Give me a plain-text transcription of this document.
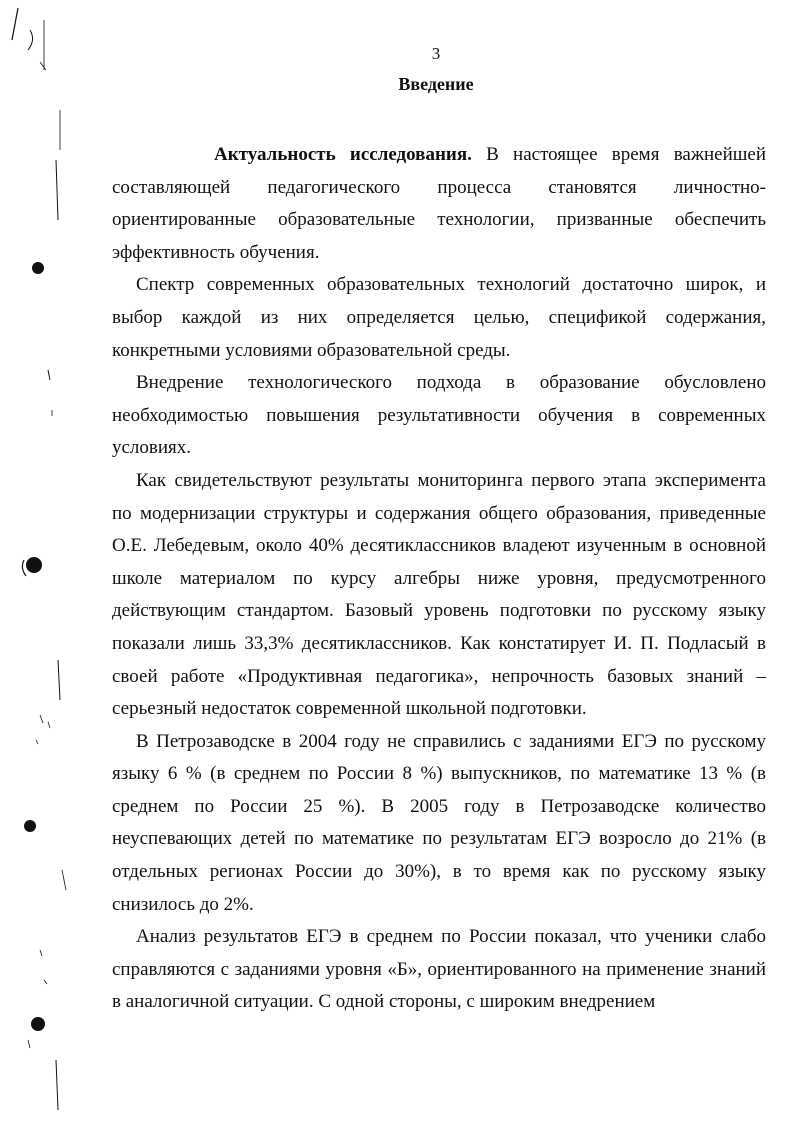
3
Введение

Актуальность исследования. В настоящее время важнейшей составляющей педагогического процесса становятся личностно-ориентированные образовательные технологии, призванные обеспечить эффективность обучения.

Спектр современных образовательных технологий достаточно широк, и выбор каждой из них определяется целью, спецификой содержания, конкретными условиями образовательной среды.

Внедрение технологического подхода в образование обусловлено необходимостью повышения результативности обучения в современных условиях.

Как свидетельствуют результаты мониторинга первого этапа эксперимента по модернизации структуры и содержания общего образования, приведенные О.Е. Лебедевым, около 40% десятиклассников владеют изученным в основной школе материалом по курсу алгебры ниже уровня, предусмотренного действующим стандартом. Базовый уровень подготовки по русскому языку показали лишь 33,3% десятиклассников. Как констатирует И. П. Подласый в своей работе «Продуктивная педагогика», непрочность базовых знаний – серьезный недостаток современной школьной подготовки.

В Петрозаводске в 2004 году не справились с заданиями ЕГЭ по русскому языку 6 % (в среднем по России 8 %) выпускников, по математике 13 % (в среднем по России 25 %). В 2005 году в Петрозаводске количество неуспевающих детей по математике по результатам ЕГЭ возросло до 21% (в отдельных регионах России до 30%), в то время как по русскому языку снизилось до 2%.

Анализ результатов ЕГЭ в среднем по России показал, что ученики слабо справляются с заданиями уровня «Б», ориентированного на применение знаний в аналогичной ситуации. С одной стороны, с широким внедрением
